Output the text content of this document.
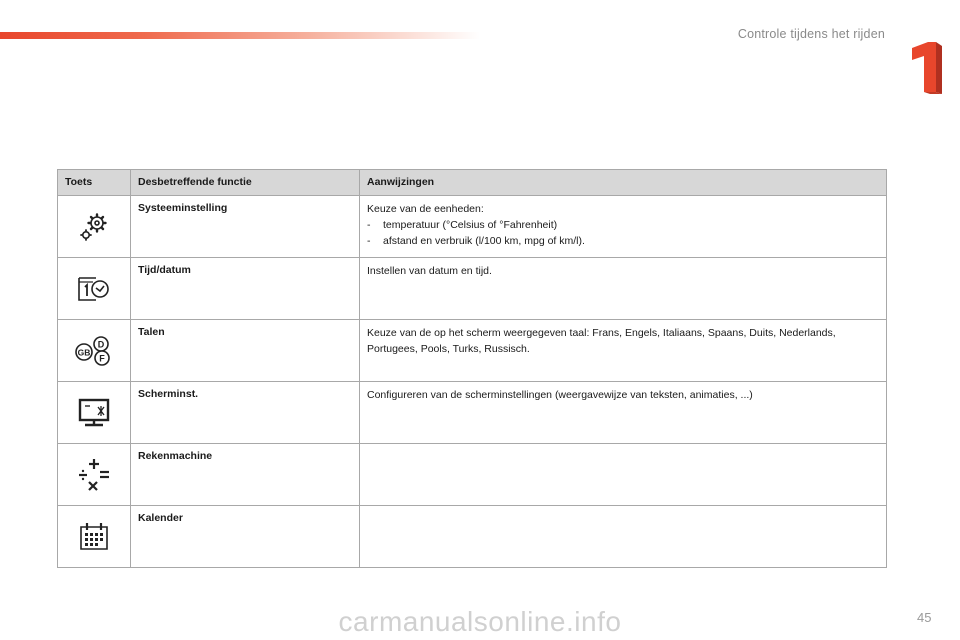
Controle tijdens het rijden	1
Toets	Desbetreffende functie	Aanwijzingen

	Systeeminstelling	Keuze van de eenheden:
- temperatuur (°Celsius of °Fahrenheit)
- afstand en verbruik (l/100 km, mpg of km/l).

	Tijd/datum	Instellen van datum en tijd.

D
GB
F	Talen	Keuze van de op het scherm weergegeven taal: Frans, Engels, Italiaans, Spaans, Duits, Nederlands, Portugees, Pools, Turks, Russisch.

	Scherminst.	Configureren van de scherminstellingen (weergavewijze van teksten, animaties, ...)

	Rekenmachine	

	Kalender	
45
carmanualsonline.info
